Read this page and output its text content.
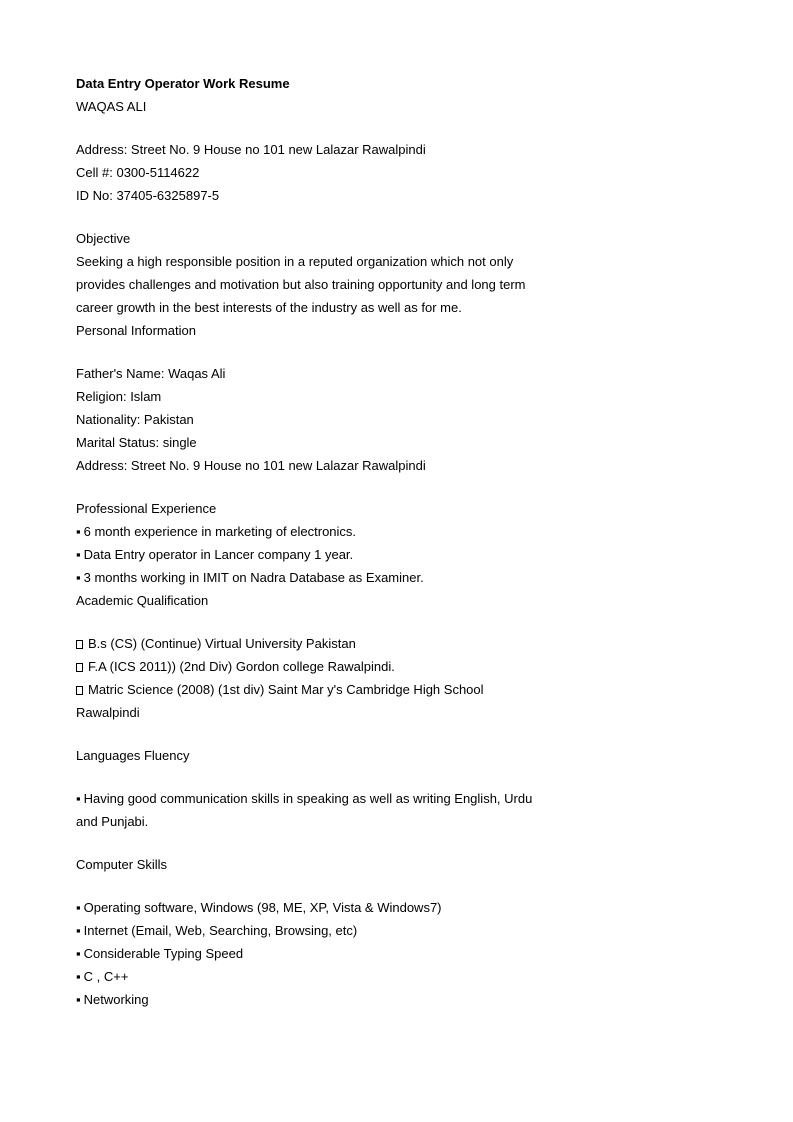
Data Entry Operator Work Resume
WAQAS ALI
Address: Street No. 9 House no 101 new Lalazar Rawalpindi
Cell #: 0300-5114622
ID No: 37405-6325897-5
Objective
Seeking a high responsible position in a reputed organization which not only
provides challenges and motivation but also training opportunity and long term
career growth in the best interests of the industry as well as for me.
Personal Information
Father's Name: Waqas Ali
Religion: Islam
Nationality: Pakistan
Marital Status: single
Address: Street No. 9 House no 101 new Lalazar Rawalpindi
Professional Experience
▪ 6 month experience in marketing of electronics.
▪ Data Entry operator in Lancer company 1 year.
▪ 3 months working in IMIT on Nadra Database as Examiner.
Academic Qualification
B.s (CS) (Continue) Virtual University Pakistan
F.A (ICS 2011)) (2nd Div) Gordon college Rawalpindi.
Matric Science (2008) (1st div) Saint Mar y's Cambridge High School
Rawalpindi
Languages Fluency
▪ Having good communication skills in speaking as well as writing English, Urdu
and Punjabi.
Computer Skills
▪ Operating software, Windows (98, ME, XP, Vista & Windows7)
▪ Internet (Email, Web, Searching, Browsing, etc)
▪ Considerable Typing Speed
▪ C , C++
▪ Networking
